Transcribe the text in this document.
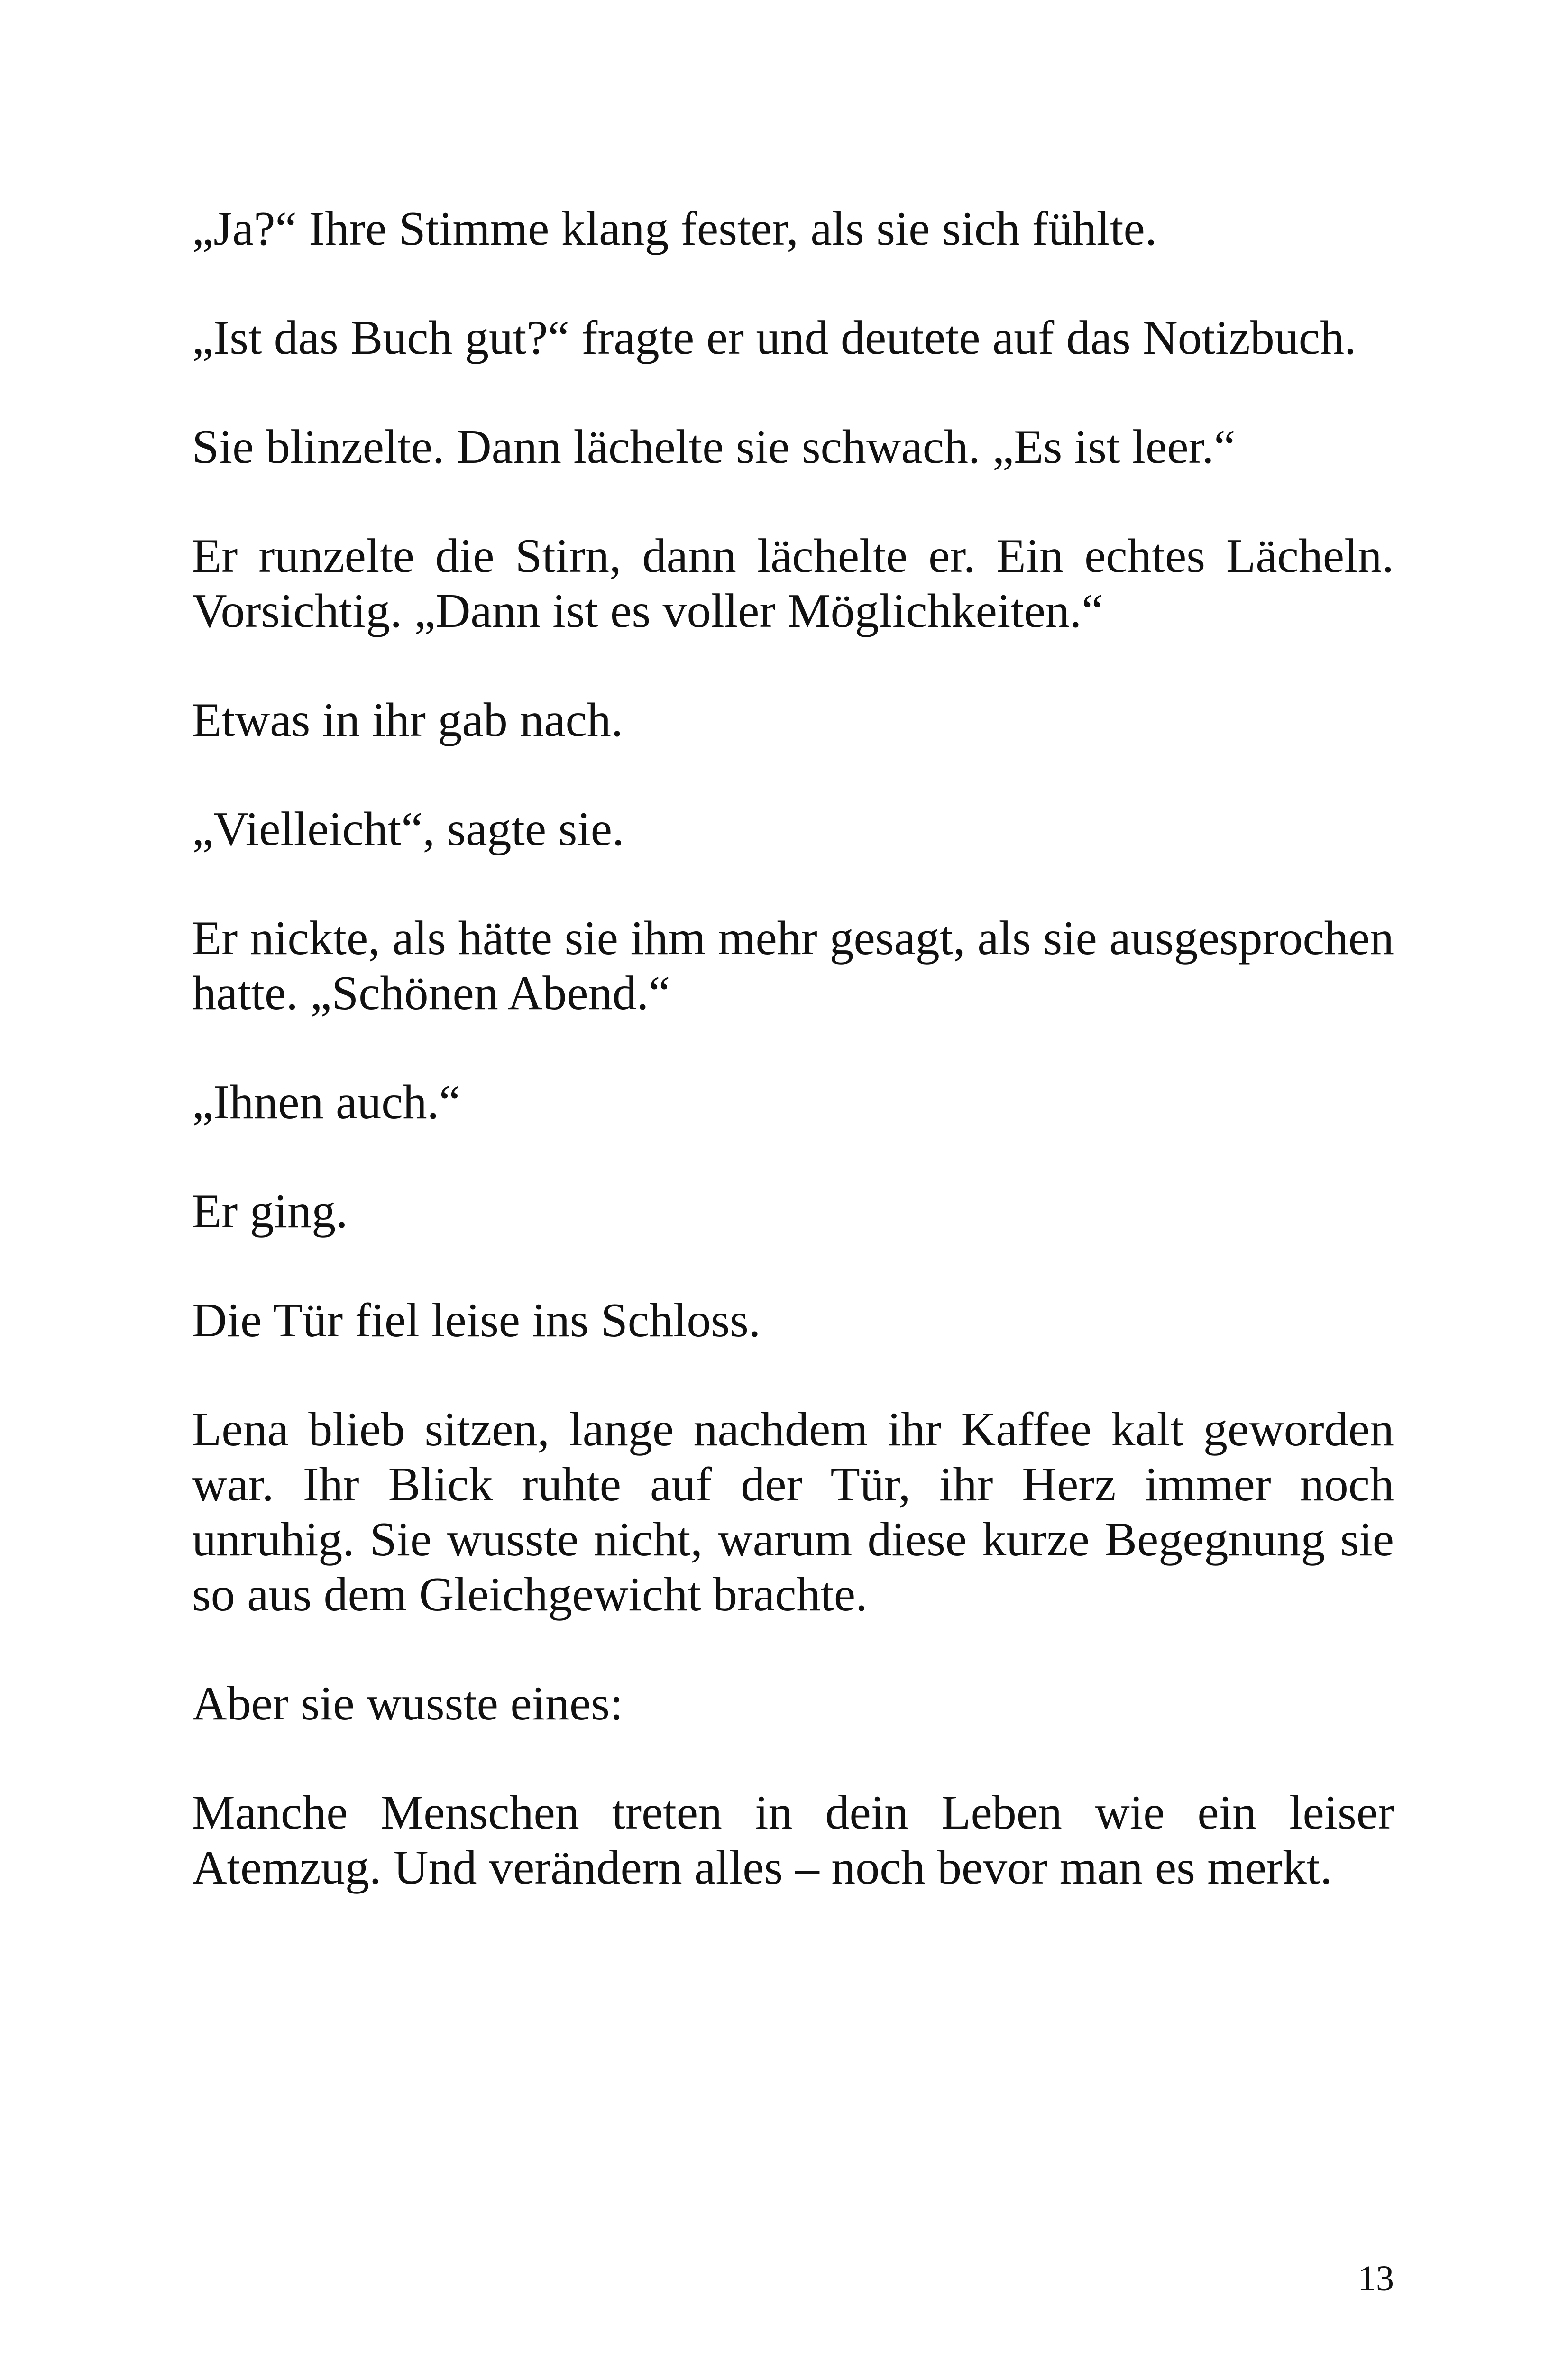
„Ja?“ Ihre Stimme klang fester, als sie sich fühlte.

„Ist das Buch gut?“ fragte er und deutete auf das Notizbuch.

Sie blinzelte. Dann lächelte sie schwach. „Es ist leer.“

Er runzelte die Stirn, dann lächelte er. Ein echtes Lächeln. Vorsichtig. „Dann ist es voller Möglichkeiten.“

Etwas in ihr gab nach.

„Vielleicht“, sagte sie.

Er nickte, als hätte sie ihm mehr gesagt, als sie ausgesprochen hatte. „Schönen Abend.“

„Ihnen auch.“

Er ging.

Die Tür fiel leise ins Schloss.

Lena blieb sitzen, lange nachdem ihr Kaffee kalt geworden war. Ihr Blick ruhte auf der Tür, ihr Herz immer noch unruhig. Sie wusste nicht, warum diese kurze Begegnung sie so aus dem Gleichgewicht brachte.

Aber sie wusste eines:

Manche Menschen treten in dein Leben wie ein leiser Atemzug. Und verändern alles – noch bevor man es merkt.

13
